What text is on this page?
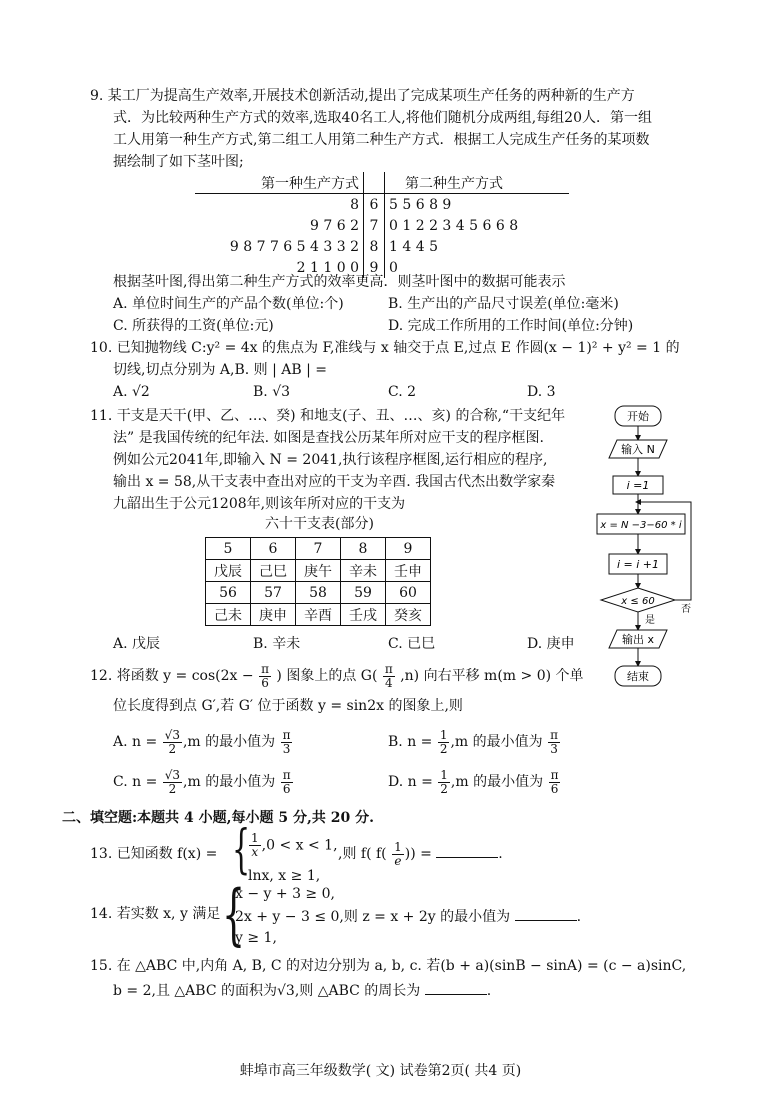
9. 某工厂为提高生产效率,开展技术创新活动,提出了完成某项生产任务的两种新的生产方
式．为比较两种生产方式的效率,选取40名工人,将他们随机分成两组,每组20人．第一组
工人用第一种生产方式,第二组工人用第二种生产方式．根据工人完成生产任务的某项数
据绘制了如下茎叶图;
第一种生产方式		第二种生产方式
8	6	5 5 6 8 9
9 7 6 2	7	0 1 2 2 3 4 5 6 6 8
9 8 7 7 6 5 4 3 3 2	8	1 4 4 5
2 1 1 0 0	9	0
根据茎叶图,得出第二种生产方式的效率更高．则茎叶图中的数据可能表示
A. 单位时间生产的产品个数(单位:个)	B. 生产出的产品尺寸误差(单位:毫米)
C. 所获得的工资(单位:元)	D. 完成工作所用的工作时间(单位:分钟)
10. 已知抛物线 C:y² = 4x 的焦点为 F,准线与 x 轴交于点 E,过点 E 作圆(x − 1)² + y² = 1 的
切线,切点分别为 A,B. 则 | AB | =
A. √2	B. √3	C. 2	D. 3
11. 干支是天干(甲、乙、…、癸) 和地支(子、丑、…、亥) 的合称,“干支纪年
法” 是我国传统的纪年法. 如图是查找公历某年所对应干支的程序框图.
例如公元2041年,即输入 N = 2041,执行该程序框图,运行相应的程序,
输出 x = 58,从干支表中查出对应的干支为辛酉. 我国古代杰出数学家秦
九韶出生于公元1208年,则该年所对应的干支为
六十干支表(部分)
5	6	7	8	9
戊辰	己巳	庚午	辛未	壬申
56	57	58	59	60
己未	庚申	辛酉	壬戌	癸亥
A. 戊辰	B. 辛未	C. 已巳	D. 庚申
开始
输入 N
i =1
x = N −3−60 * i
i = i +1
x ≤ 60
否
是
输出 x
结束
12. 将函数 $y = \cos(2x - \frac{\pi}{6}$ ) 图象上的点 $G( \frac{\pi}{4} ,n)$ 向右平移 m(m > 0) 个单
位长度得到点 G′,若 G′ 位于函数 y = sin2x 的图象上,则
A. $n = \frac{√3}{2} ,m$ 的最小值为 $\frac{\pi}{3}$	B. $n = \frac{1}{2} ,m$ 的最小值为 $\frac{\pi}{3}$
C. $n = \frac{√3}{2} ,m$ 的最小值为 $\frac{\pi}{6}$	D. $n = \frac{1}{2} ,m$ 的最小值为 $\frac{\pi}{6}$
二、填空题:本题共 4 小题,每小题 5 分,共 20 分.
13. 已知函数 f(x) = {
$\frac{1}{x} ,0 < x < 1$,
lnx, x ≥ 1,
,则 f( $f( \frac{1}{e}$ )) =	.
14. 若实数 x, y 满足 {
x − y + 3 ≥ 0,
2x + y − 3 ≤ 0,则 z = x + 2y 的最小值为	.
y ≥ 1,
15. 在 △ABC 中,内角 A, B, C 的对边分别为 a, b, c. 若(b + a)(sinB − sinA) = (c − a)sinC,
b = 2,且 △ABC 的面积为√3,则 △ABC 的周长为	.
蚌埠市高三年级数学( 文) 试卷第2页( 共4 页)
